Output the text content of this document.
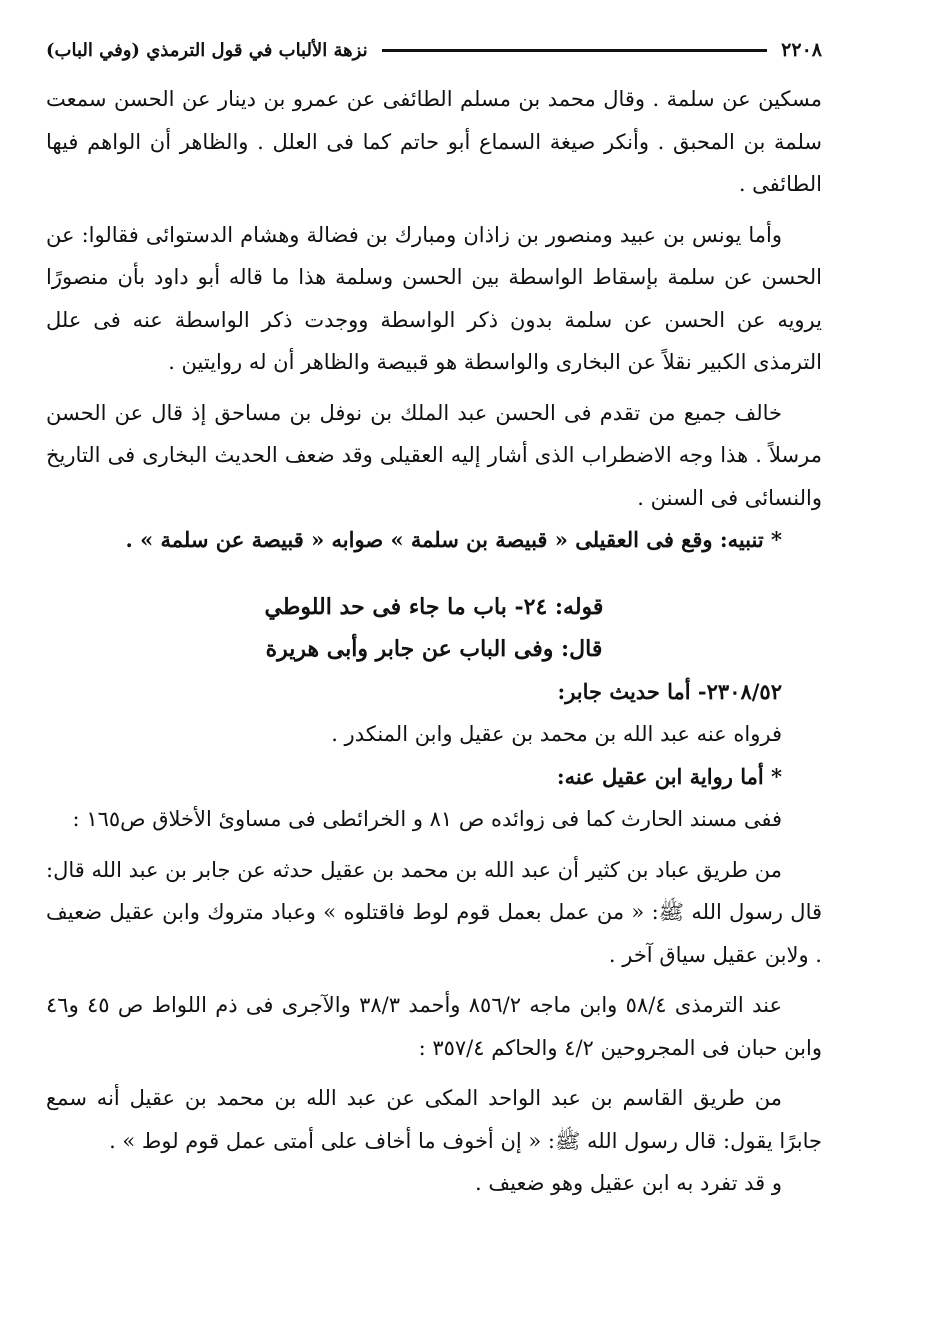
٢٢٠٨
نزهة الألباب في قول الترمذي (وفي الباب)

مسكين عن سلمة . وقال محمد بن مسلم الطائفى عن عمرو بن دينار عن الحسن سمعت سلمة بن المحبق . وأنكر صيغة السماع أبو حاتم كما فى العلل . والظاهر أن الواهم فيها الطائفى .

وأما يونس بن عبيد ومنصور بن زاذان ومبارك بن فضالة وهشام الدستوائى فقالوا: عن الحسن عن سلمة بإسقاط الواسطة بين الحسن وسلمة هذا ما قاله أبو داود بأن منصورًا يرويه عن الحسن عن سلمة بدون ذكر الواسطة ووجدت ذكر الواسطة عنه فى علل الترمذى الكبير نقلاً عن البخارى والواسطة هو قبيصة والظاهر أن له روايتين .

خالف جميع من تقدم فى الحسن عبد الملك بن نوفل بن مساحق إذ قال عن الحسن مرسلاً . هذا وجه الاضطراب الذى أشار إليه العقيلى وقد ضعف الحديث البخارى فى التاريخ والنسائى فى السنن .

* تنبيه: وقع فى العقيلى « قبيصة بن سلمة » صوابه « قبيصة عن سلمة » .

قوله: ٢٤- باب ما جاء فى حد اللوطي

قال: وفى الباب عن جابر وأبى هريرة

٢٣٠٨/٥٢- أما حديث جابر:

فرواه عنه عبد الله بن محمد بن عقيل وابن المنكدر .

* أما رواية ابن عقيل عنه:

ففى مسند الحارث كما فى زوائده ص ٨١ و الخرائطى فى مساوئ الأخلاق ص١٦٥ :

من طريق عباد بن كثير أن عبد الله بن محمد بن عقيل حدثه عن جابر بن عبد الله قال: قال رسول الله ﷺ: « من عمل بعمل قوم لوط فاقتلوه » وعباد متروك وابن عقيل ضعيف . ولابن عقيل سياق آخر .

عند الترمذى ٥٨/٤ وابن ماجه ٨٥٦/٢ وأحمد ٣٨/٣ والآجرى فى ذم اللواط ص ٤٥ و٤٦ وابن حبان فى المجروحين ٤/٢ والحاكم ٣٥٧/٤ :

من طريق القاسم بن عبد الواحد المكى عن عبد الله بن محمد بن عقيل أنه سمع جابرًا يقول: قال رسول الله ﷺ: « إن أخوف ما أخاف على أمتى عمل قوم لوط » .

و قد تفرد به ابن عقيل وهو ضعيف .
